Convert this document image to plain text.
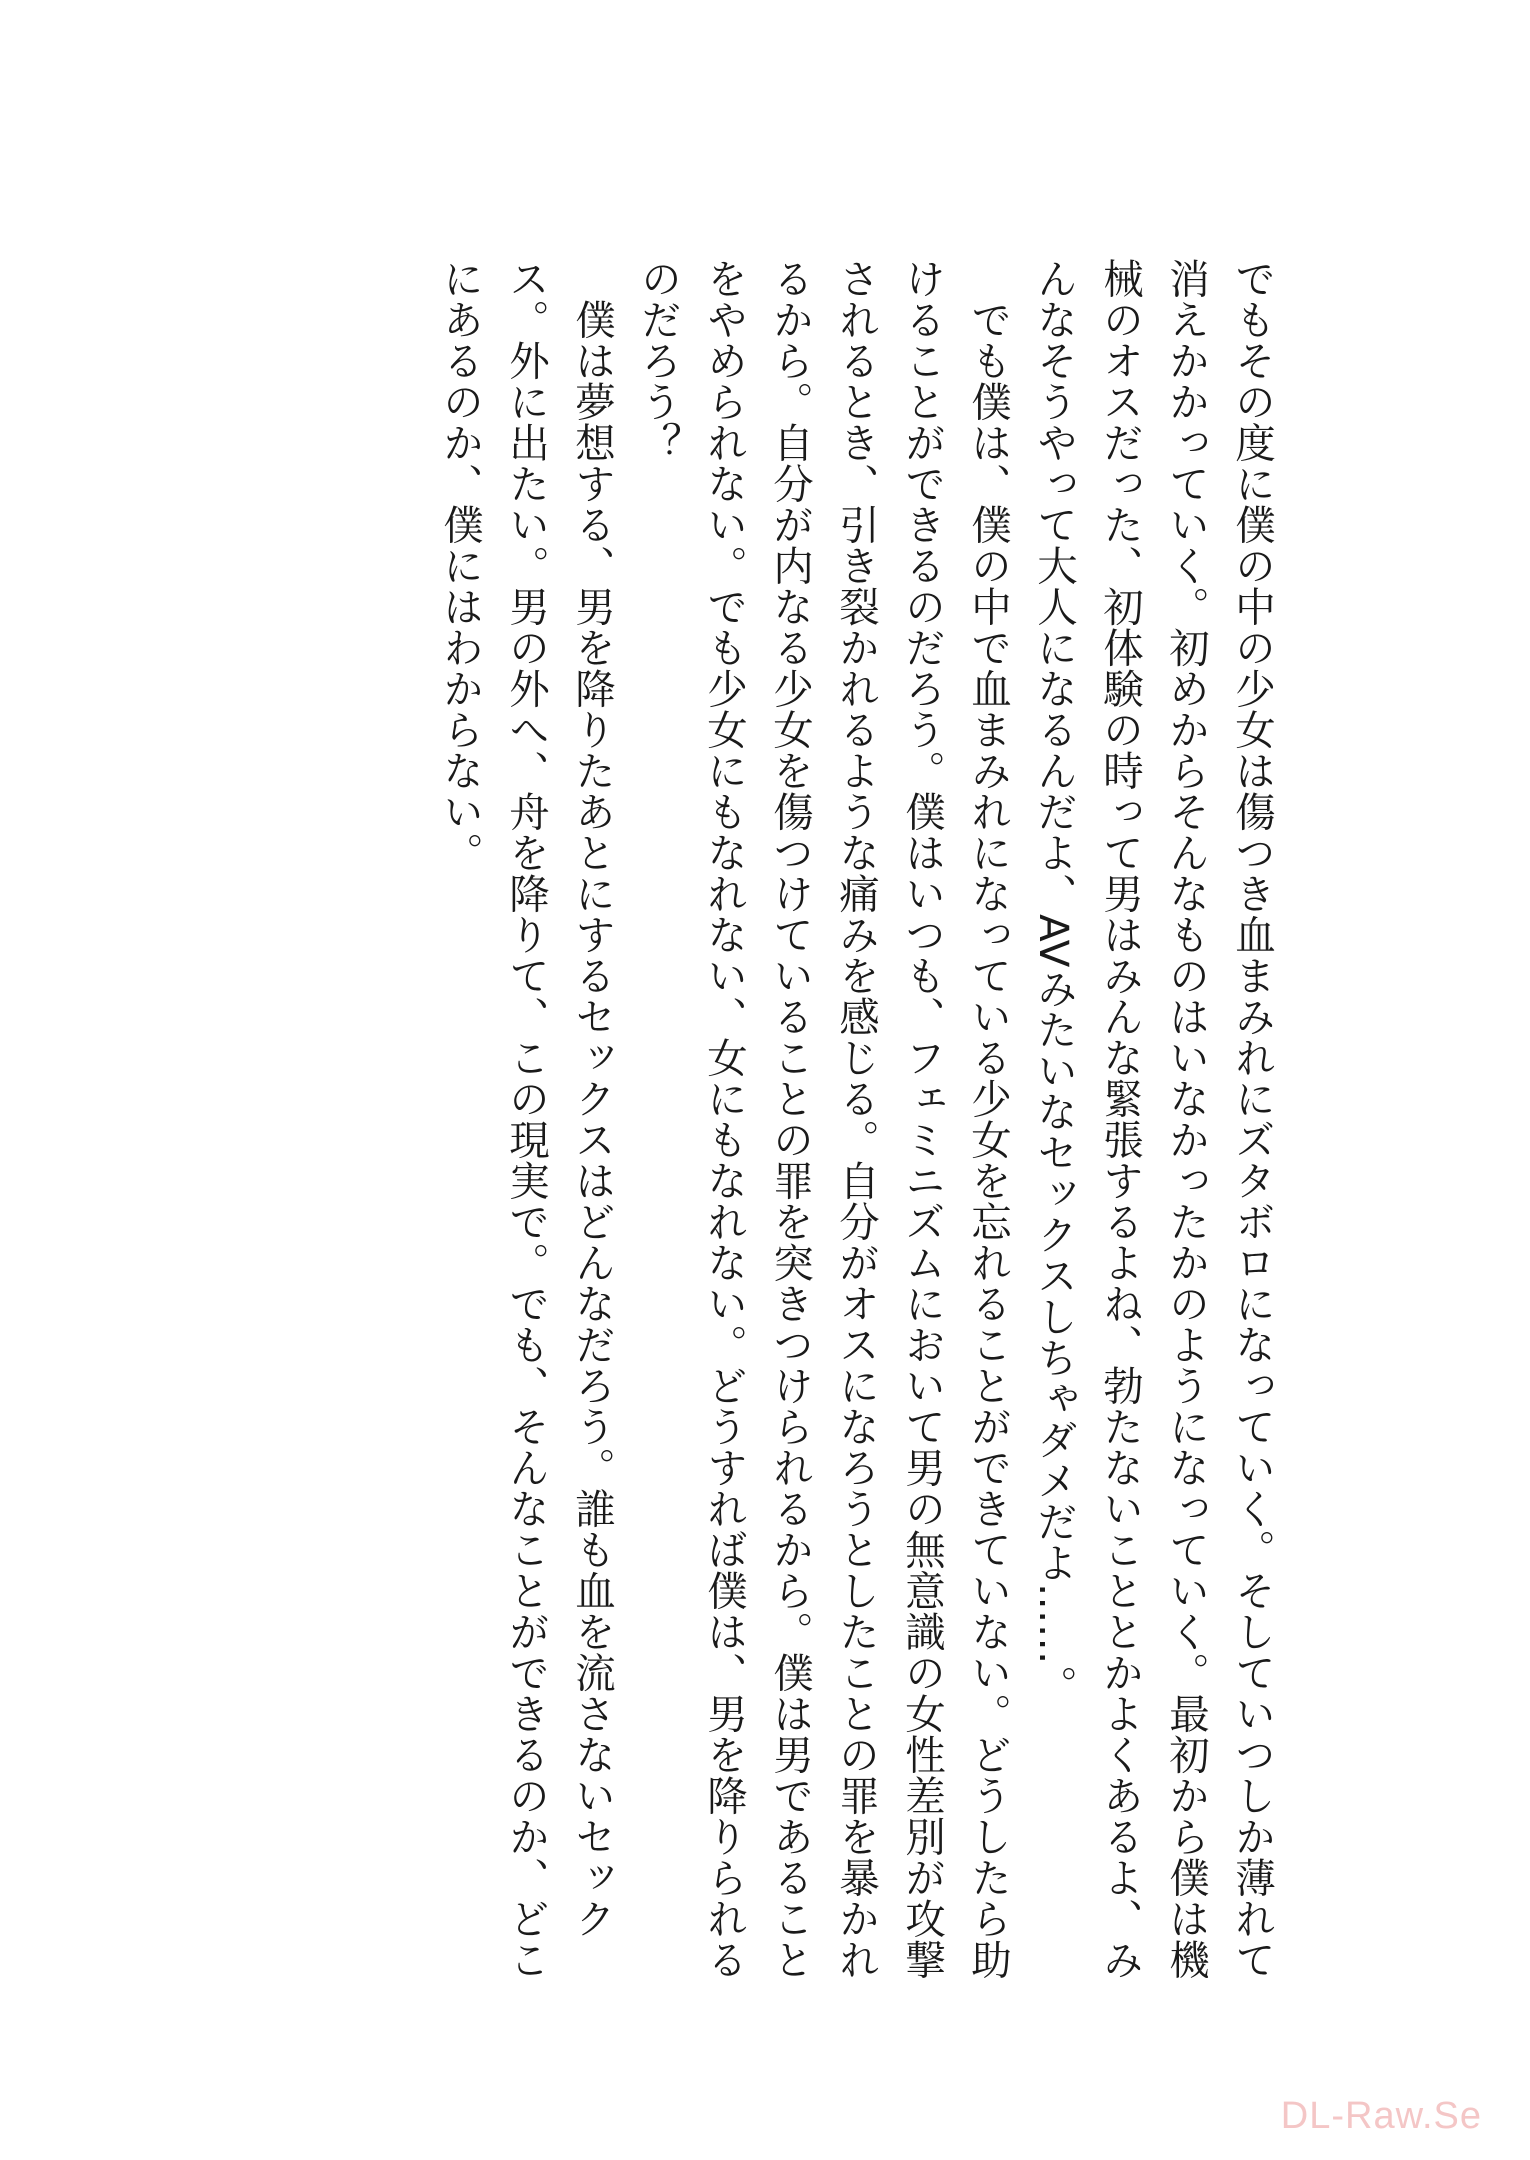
でもその度に僕の中の少女は傷つき血まみれにズタボロになっていく。そしていつしか薄れて消えかかっていく。初めからそんなものはいなかったかのようになっていく。最初から僕は機械のオスだった、初体験の時って男はみんな緊張するよね、勃たないこととかよくあるよ、みんなそうやって大人になるんだよ、AVみたいなセックスしちゃダメだよ……。

でも僕は、僕の中で血まみれになっている少女を忘れることができていない。どうしたら助けることができるのだろう。僕はいつも、フェミニズムにおいて男の無意識の女性差別が攻撃されるとき、引き裂かれるような痛みを感じる。自分がオスになろうとしたことの罪を暴かれるから。自分が内なる少女を傷つけていることの罪を突きつけられるから。僕は男であることをやめられない。でも少女にもなれない、女にもなれない。どうすれば僕は、男を降りられるのだろう？

僕は夢想する、男を降りたあとにするセックスはどんなだろう。誰も血を流さないセックス。外に出たい。男の外へ、舟を降りて、この現実で。でも、そんなことができるのか、どこにあるのか、僕にはわからない。

DL-Raw.Se
